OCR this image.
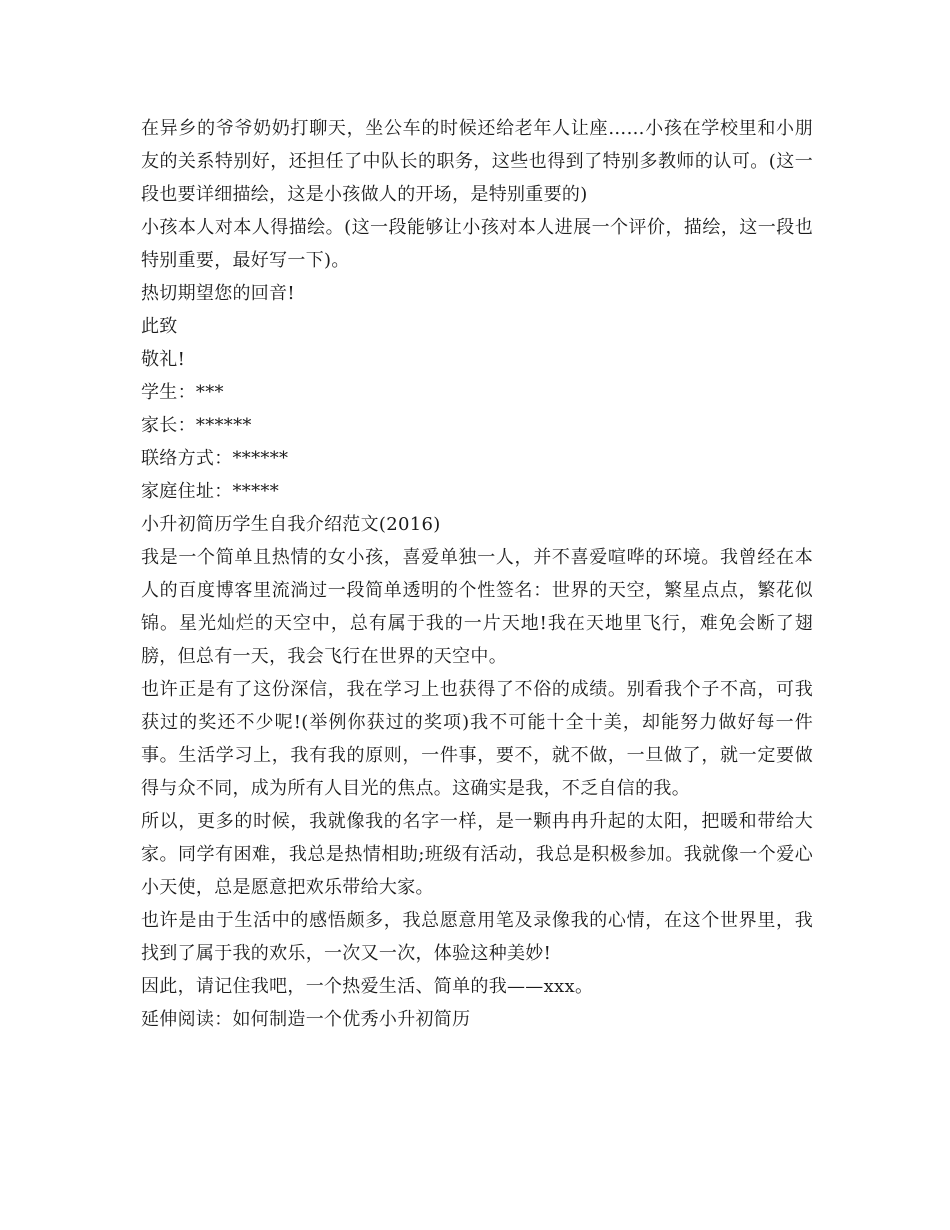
在异乡的爷爷奶奶打聊天，坐公车的时候还给老年人让座……小孩在学校里和小朋友的关系特别好，还担任了中队长的职务，这些也得到了特别多教师的认可。(这一段也要详细描绘，这是小孩做人的开场，是特别重要的)

小孩本人对本人得描绘。(这一段能够让小孩对本人进展一个评价，描绘，这一段也特别重要，最好写一下)。

热切期望您的回音!

此致

敬礼!

学生：***

家长：******

联络方式：******

家庭住址：*****

小升初简历学生自我介绍范文(2016)

我是一个简单且热情的女小孩，喜爱单独一人，并不喜爱喧哗的环境。我曾经在本人的百度博客里流淌过一段简单透明的个性签名：世界的天空，繁星点点，繁花似锦。星光灿烂的天空中，总有属于我的一片天地!我在天地里飞行，难免会断了翅膀，但总有一天，我会飞行在世界的天空中。

也许正是有了这份深信，我在学习上也获得了不俗的成绩。别看我个子不高，可我获过的奖还不少呢!(举例你获过的奖项)我不可能十全十美，却能努力做好每一件事。生活学习上，我有我的原则，一件事，要不，就不做，一旦做了，就一定要做得与众不同，成为所有人目光的焦点。这确实是我，不乏自信的我。

所以，更多的时候，我就像我的名字一样，是一颗冉冉升起的太阳，把暖和带给大家。同学有困难，我总是热情相助;班级有活动，我总是积极参加。我就像一个爱心小天使，总是愿意把欢乐带给大家。

也许是由于生活中的感悟颇多，我总愿意用笔及录像我的心情，在这个世界里，我找到了属于我的欢乐，一次又一次，体验这种美妙!

因此，请记住我吧，一个热爱生活、简单的我——xxx。

延伸阅读：如何制造一个优秀小升初简历
